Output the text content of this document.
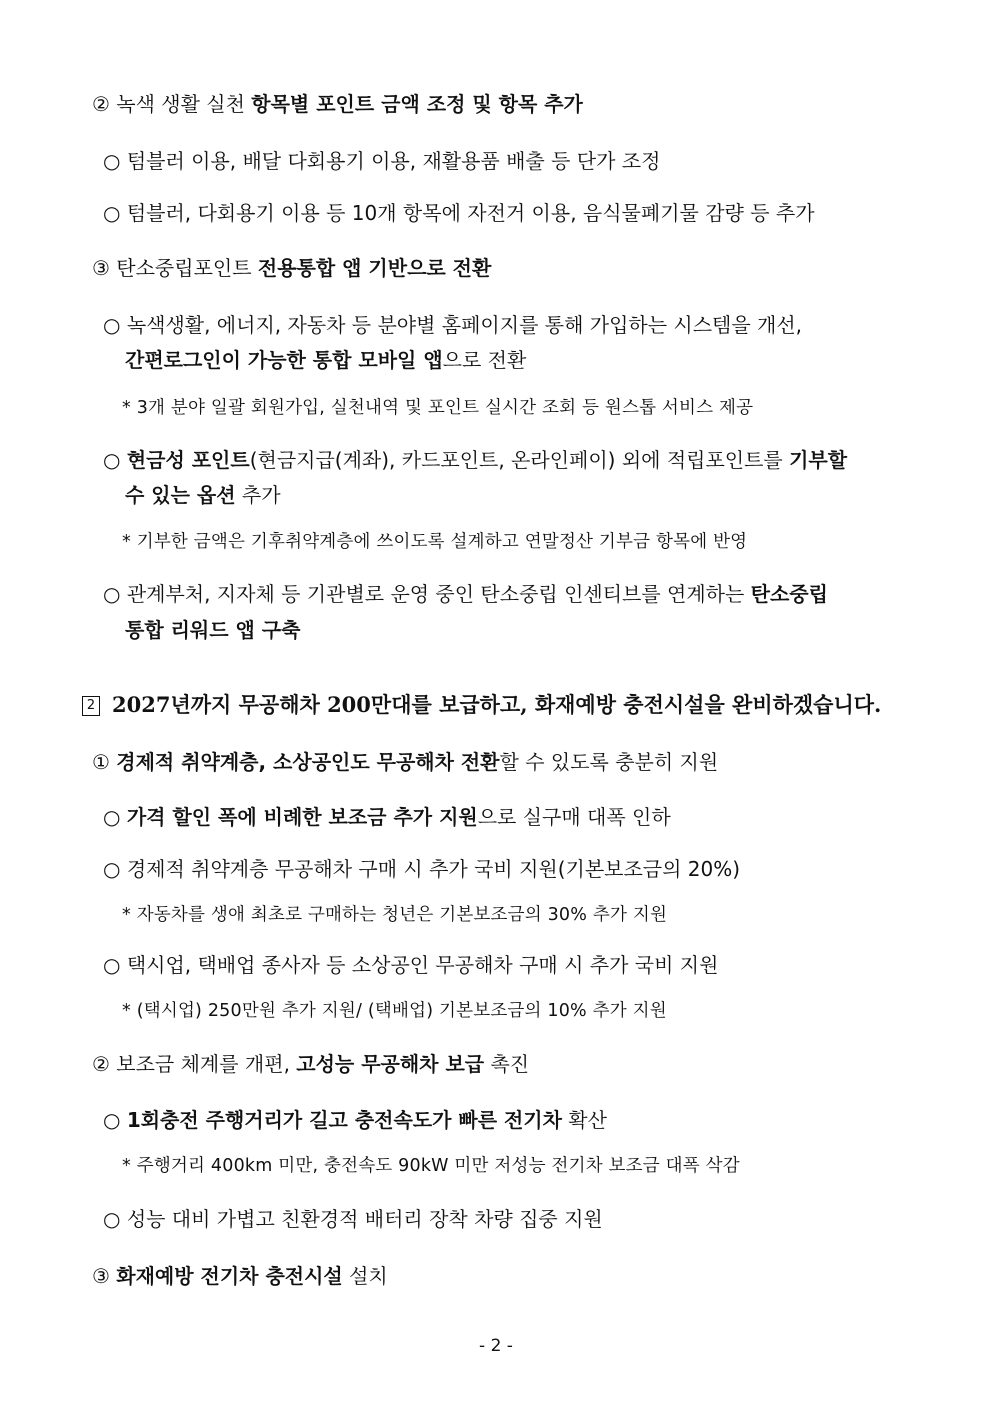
② 녹색 생활 실천 항목별 포인트 금액 조정 및 항목 추가
○ 텀블러 이용, 배달 다회용기 이용, 재활용품 배출 등 단가 조정
○ 텀블러, 다회용기 이용 등 10개 항목에 자전거 이용, 음식물폐기물 감량 등 추가
③ 탄소중립포인트 전용통합 앱 기반으로 전환
○ 녹색생활, 에너지, 자동차 등 분야별 홈페이지를 통해 가입하는 시스템을 개선,
간편로그인이 가능한 통합 모바일 앱으로 전환
* 3개 분야 일괄 회원가입, 실천내역 및 포인트 실시간 조회 등 원스톱 서비스 제공
○ 현금성 포인트(현금지급(계좌), 카드포인트, 온라인페이) 외에 적립포인트를 기부할
수 있는 옵션 추가
* 기부한 금액은 기후취약계층에 쓰이도록 설계하고 연말정산 기부금 항목에 반영
○ 관계부처, 지자체 등 기관별로 운영 중인 탄소중립 인센티브를 연계하는 탄소중립
통합 리워드 앱 구축
2 2027년까지 무공해차 200만대를 보급하고, 화재예방 충전시설을 완비하겠습니다.
① 경제적 취약계층, 소상공인도 무공해차 전환할 수 있도록 충분히 지원
○ 가격 할인 폭에 비례한 보조금 추가 지원으로 실구매 대폭 인하
○ 경제적 취약계층 무공해차 구매 시 추가 국비 지원(기본보조금의 20%)
* 자동차를 생애 최초로 구매하는 청년은 기본보조금의 30% 추가 지원
○ 택시업, 택배업 종사자 등 소상공인 무공해차 구매 시 추가 국비 지원
* (택시업) 250만원 추가 지원/ (택배업) 기본보조금의 10% 추가 지원
② 보조금 체계를 개편, 고성능 무공해차 보급 촉진
○ 1회충전 주행거리가 길고 충전속도가 빠른 전기차 확산
* 주행거리 400km 미만, 충전속도 90kW 미만 저성능 전기차 보조금 대폭 삭감
○ 성능 대비 가볍고 친환경적 배터리 장착 차량 집중 지원
③ 화재예방 전기차 충전시설 설치
- 2 -
